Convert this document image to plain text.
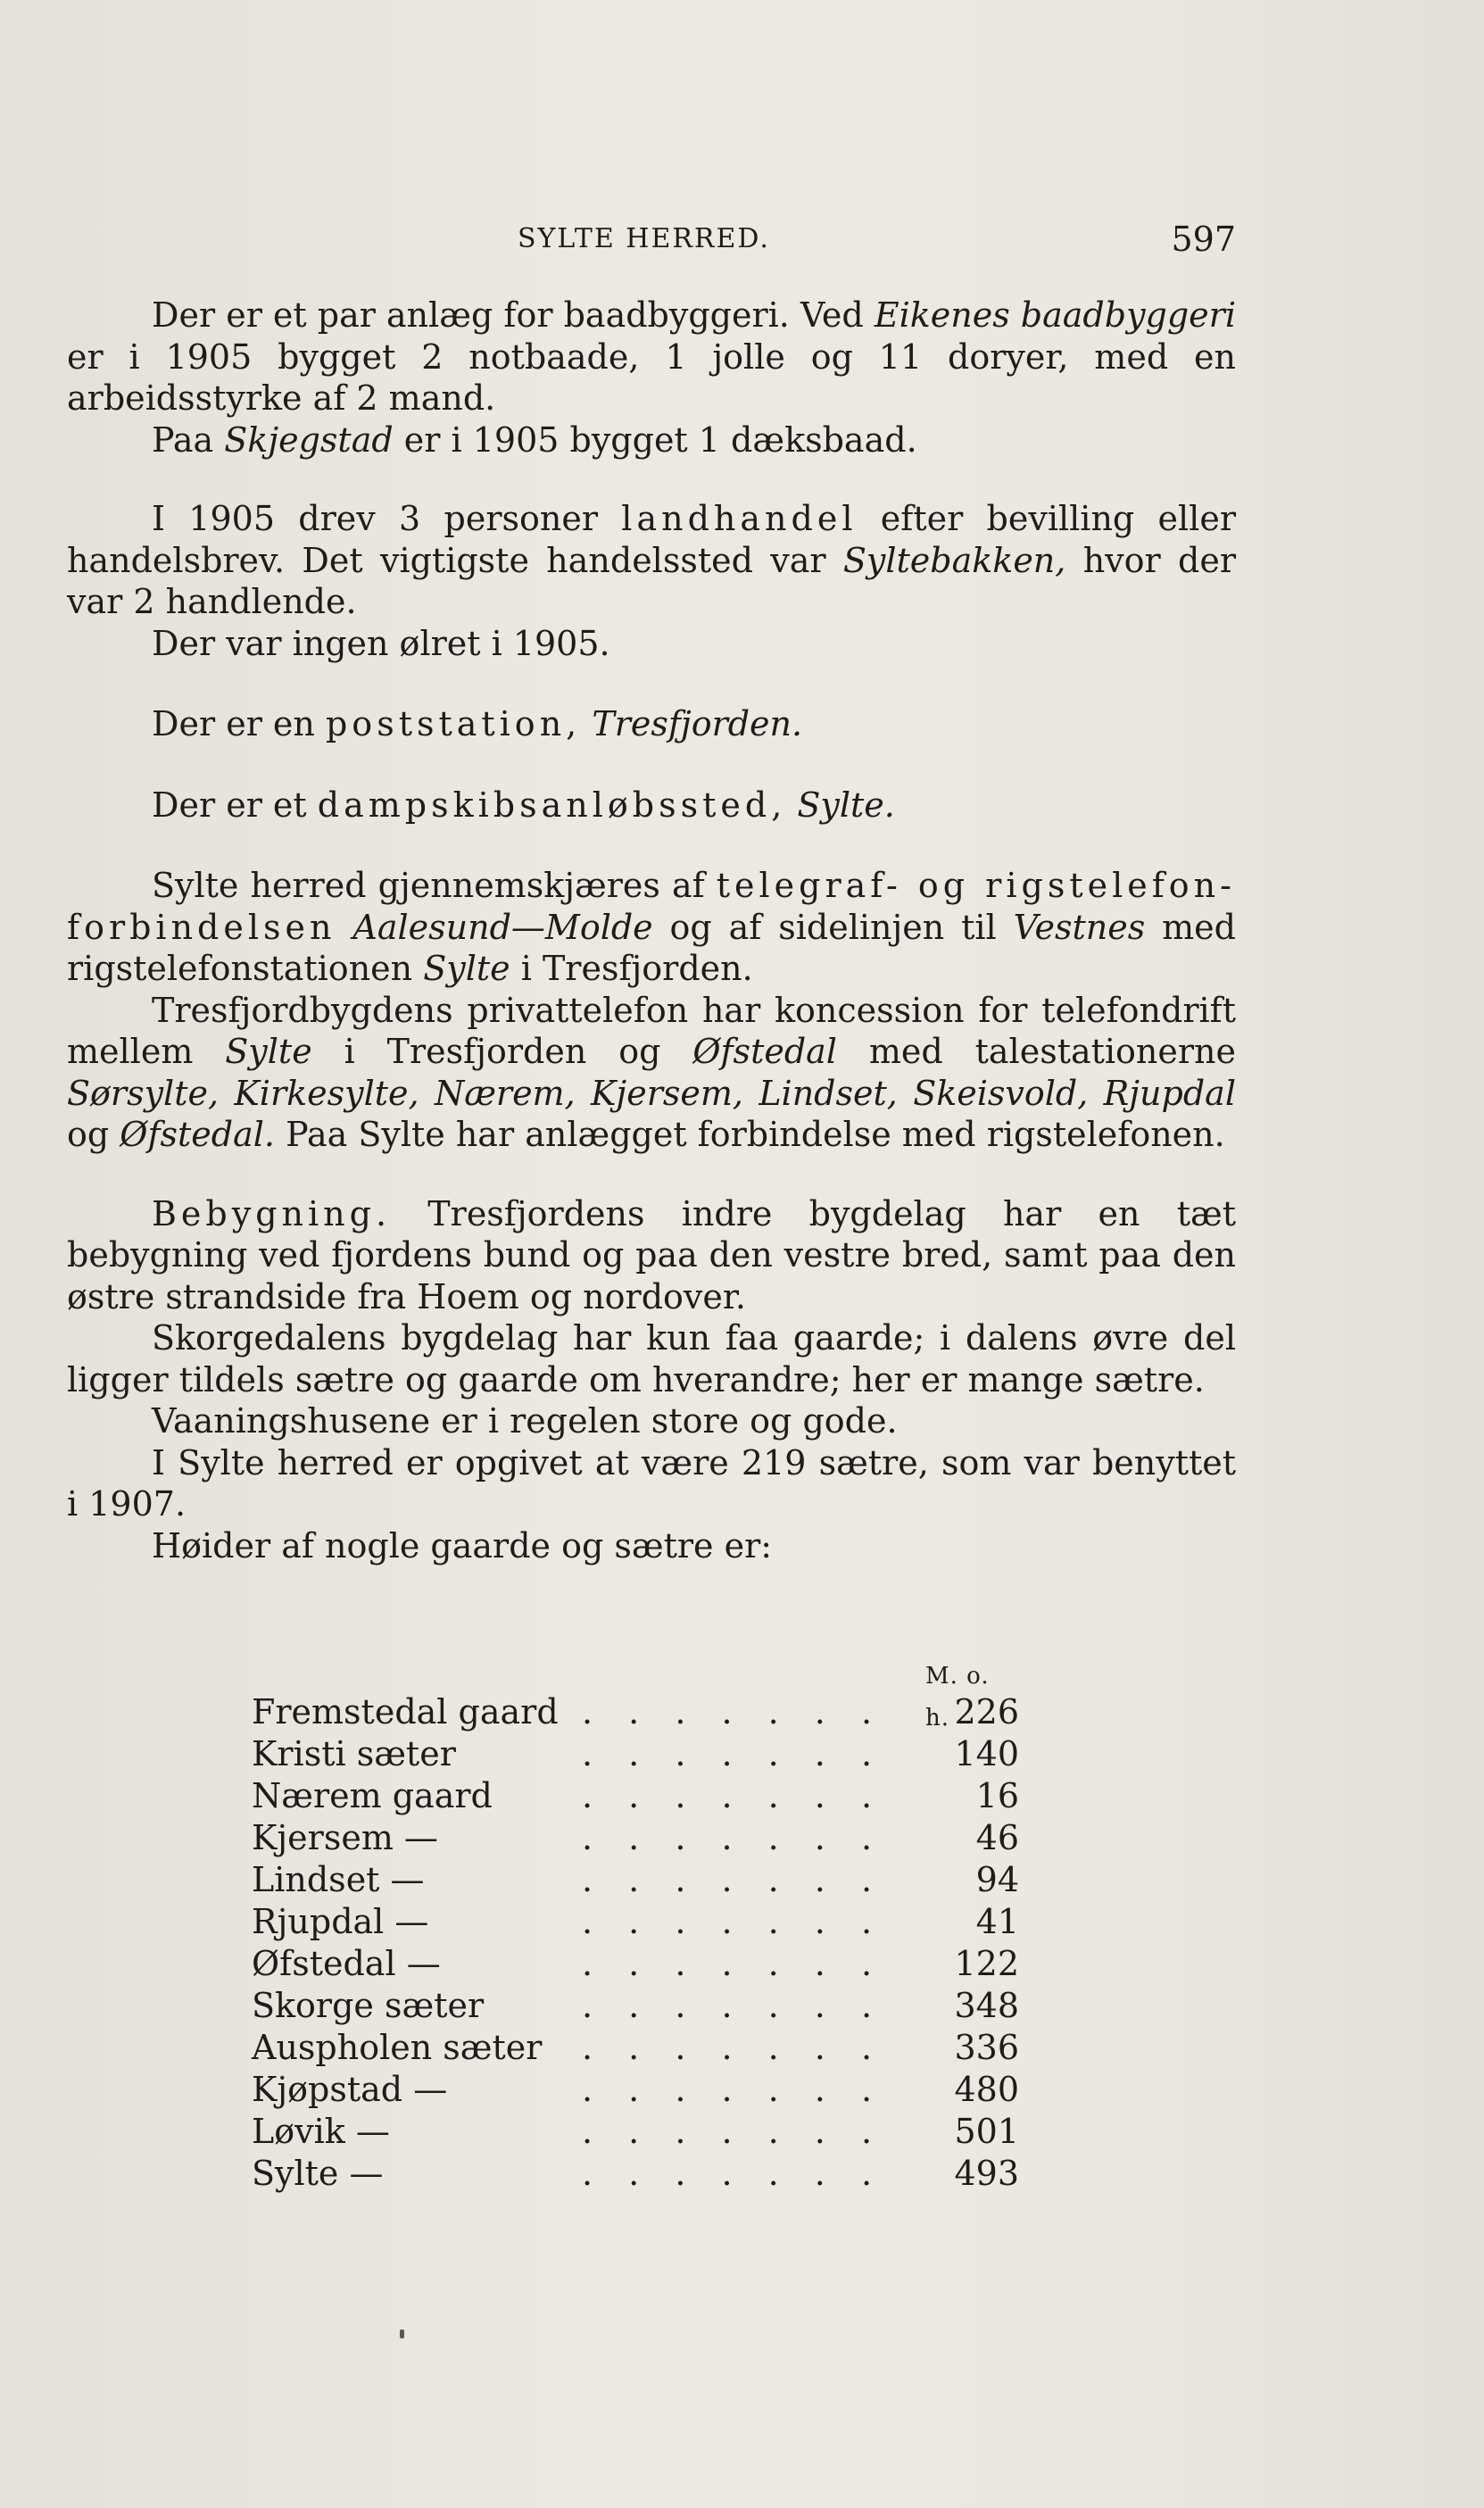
SYLTE HERRED.	597

Der er et par anlæg for baadbyggeri. Ved Eikenes baadbyggeri er i 1905 bygget 2 notbaade, 1 jolle og 11 doryer, med en arbeidsstyrke af 2 mand.

Paa Skjegstad er i 1905 bygget 1 dæksbaad.

I 1905 drev 3 personer landhandel efter bevilling eller handelsbrev. Det vigtigste handelssted var Syltebakken, hvor der var 2 handlende.

Der var ingen ølret i 1905.

Der er en poststation, Tresfjorden.

Der er et dampskibsanløbssted, Sylte.

Sylte herred gjennemskjæres af telegraf- og rigstelefon-forbindelsen Aalesund—Molde og af sidelinjen til Vestnes med rigstelefonstationen Sylte i Tresfjorden.

Tresfjordbygdens privattelefon har koncession for telefondrift mellem Sylte i Tresfjorden og Øfstedal med talestationerne Sørsylte, Kirkesylte, Nærem, Kjersem, Lindset, Skeisvold, Rjupdal og Øfstedal. Paa Sylte har anlægget forbindelse med rigstelefonen.

Bebygning. Tresfjordens indre bygdelag har en tæt bebygning ved fjordens bund og paa den vestre bred, samt paa den østre strandside fra Hoem og nordover.

Skorgedalens bygdelag har kun faa gaarde; i dalens øvre del ligger tildels sætre og gaarde om hverandre; her er mange sætre.

Vaaningshusene er i regelen store og gode.

I Sylte herred er opgivet at være 219 sætre, som var benyttet i 1907.

Høider af nogle gaarde og sætre er:

M. o. h.
Fremstedal gaard . . . . . . . 226
Kristi sæter	. . . . . . . 140
Nærem gaard	. . . . . . .	16
Kjersem —	. . . . . . .	46
Lindset —	. . . . . . .	94
Rjupdal —	. . . . . . .	41
Øfstedal —	. . . . . . . 122
Skorge sæter	. . . . . . . 348
Auspholen sæter . . . . . . . 336
Kjøpstad —	. . . . . . . 480
Løvik —	. . . . . . . 501
Sylte —	. . . . . . . 493
